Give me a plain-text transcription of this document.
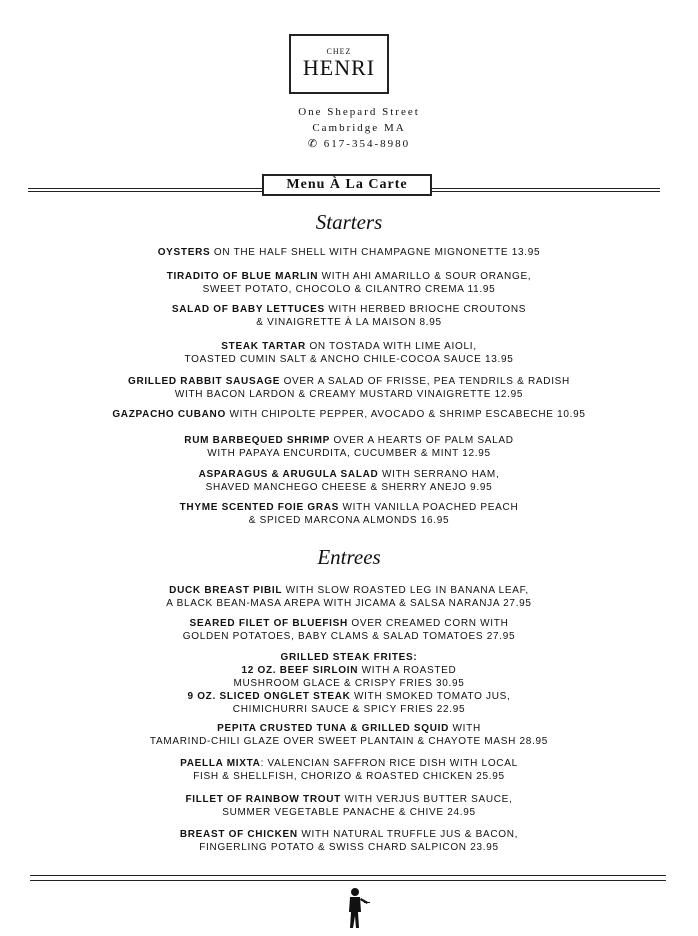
CHEZ
HENRI
One Shepard Street
Cambridge MA
✆ 617-354-8980
Menu À La Carte
Starters
OYSTERS ON THE HALF SHELL WITH CHAMPAGNE MIGNONETTE 13.95
TIRADITO OF BLUE MARLIN WITH AHI AMARILLO & SOUR ORANGE,
SWEET POTATO, CHOCOLO & CILANTRO CREMA 11.95
SALAD OF BABY LETTUCES WITH HERBED BRIOCHE CROUTONS
& VINAIGRETTE À LA MAISON 8.95
STEAK TARTAR ON TOSTADA WITH LIME AIOLI,
TOASTED CUMIN SALT & ANCHO CHILE-COCOA SAUCE 13.95
GRILLED RABBIT SAUSAGE OVER A SALAD OF FRISSE, PEA TENDRILS & RADISH
WITH BACON LARDON & CREAMY MUSTARD VINAIGRETTE 12.95
GAZPACHO CUBANO WITH CHIPOLTE PEPPER, AVOCADO & SHRIMP ESCABECHE 10.95
RUM BARBEQUED SHRIMP OVER A HEARTS OF PALM SALAD
WITH PAPAYA ENCURDITA, CUCUMBER & MINT 12.95
ASPARAGUS & ARUGULA SALAD WITH SERRANO HAM,
SHAVED MANCHEGO CHEESE & SHERRY ANEJO 9.95
THYME SCENTED FOIE GRAS WITH VANILLA POACHED PEACH
& SPICED MARCONA ALMONDS 16.95
Entrees
DUCK BREAST PIBIL WITH SLOW ROASTED LEG IN BANANA LEAF,
A BLACK BEAN-MASA AREPA WITH JICAMA & SALSA NARANJA 27.95
SEARED FILET OF BLUEFISH OVER CREAMED CORN WITH
GOLDEN POTATOES, BABY CLAMS & SALAD TOMATOES 27.95
GRILLED STEAK FRITES:
12 OZ. BEEF SIRLOIN WITH A ROASTED
MUSHROOM GLACE & CRISPY FRIES 30.95
9 OZ. SLICED ONGLET STEAK WITH SMOKED TOMATO JUS,
CHIMICHURRI SAUCE & SPICY FRIES 22.95
PEPITA CRUSTED TUNA & GRILLED SQUID WITH
TAMARIND-CHILI GLAZE OVER SWEET PLANTAIN & CHAYOTE MASH 28.95
PAELLA MIXTA: VALENCIAN SAFFRON RICE DISH WITH LOCAL
FISH & SHELLFISH, CHORIZO & ROASTED CHICKEN 25.95
FILLET OF RAINBOW TROUT WITH VERJUS BUTTER SAUCE,
SUMMER VEGETABLE PANACHE & CHIVE 24.95
BREAST OF CHICKEN WITH NATURAL TRUFFLE JUS & BACON,
FINGERLING POTATO & SWISS CHARD SALPICON 23.95
